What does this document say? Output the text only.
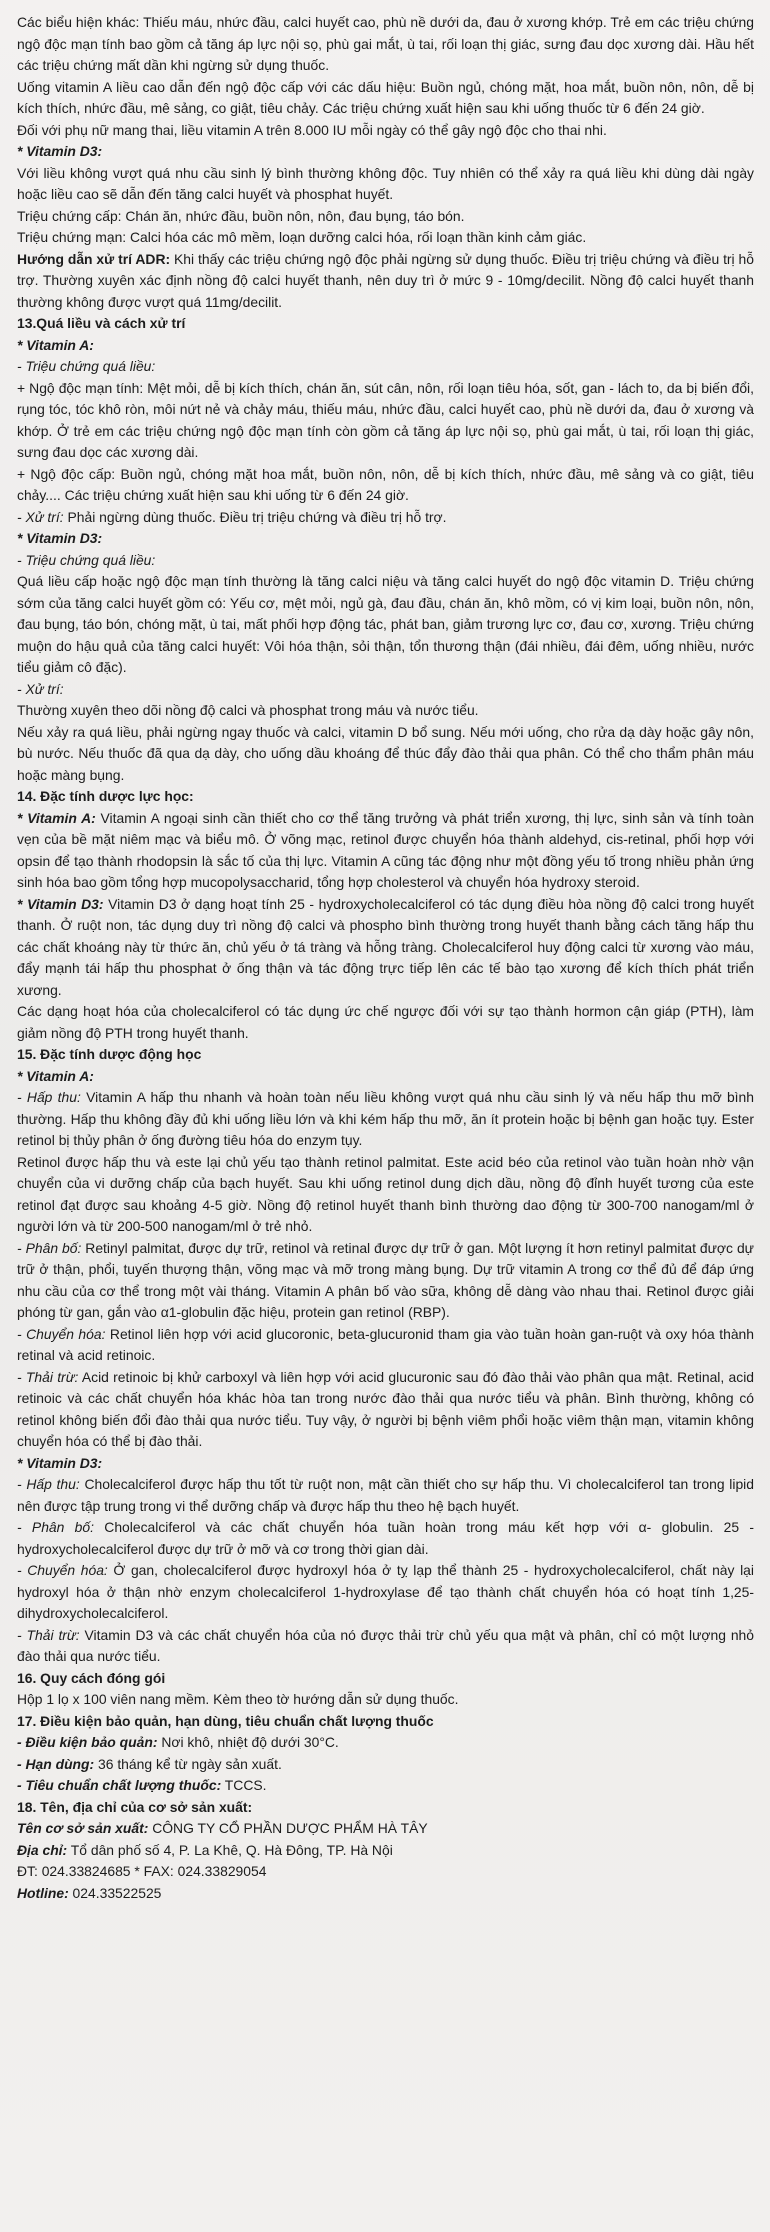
Các biểu hiện khác: Thiếu máu, nhức đầu, calci huyết cao, phù nề dưới da, đau ở xương khớp. Trẻ em các triệu chứng ngộ độc mạn tính bao gồm cả tăng áp lực nội sọ, phù gai mắt, ù tai, rối loạn thị giác, sưng đau dọc xương dài. Hầu hết các triệu chứng mất dần khi ngừng sử dụng thuốc.

Uống vitamin A liều cao dẫn đến ngộ độc cấp với các dấu hiệu: Buồn ngủ, chóng mặt, hoa mắt, buồn nôn, nôn, dễ bị kích thích, nhức đầu, mê sảng, co giật, tiêu chảy. Các triệu chứng xuất hiện sau khi uống thuốc từ 6 đến 24 giờ.

Đối với phụ nữ mang thai, liều vitamin A trên 8.000 IU mỗi ngày có thể gây ngộ độc cho thai nhi.

* Vitamin D3:

Với liều không vượt quá nhu cầu sinh lý bình thường không độc. Tuy nhiên có thể xảy ra quá liều khi dùng dài ngày hoặc liều cao sẽ dẫn đến tăng calci huyết và phosphat huyết.

Triệu chứng cấp: Chán ăn, nhức đầu, buồn nôn, nôn, đau bụng, táo bón.

Triệu chứng mạn: Calci hóa các mô mềm, loạn dưỡng calci hóa, rối loạn thần kinh cảm giác.

Hướng dẫn xử trí ADR: Khi thấy các triệu chứng ngộ độc phải ngừng sử dụng thuốc. Điều trị triệu chứng và điều trị hỗ trợ. Thường xuyên xác định nồng độ calci huyết thanh, nên duy trì ở mức 9 - 10mg/decilit. Nồng độ calci huyết thanh thường không được vượt quá 11mg/decilit.

13.Quá liều và cách xử trí

* Vitamin A:

- Triệu chứng quá liều:

+ Ngộ độc mạn tính: Mệt mỏi, dễ bị kích thích, chán ăn, sút cân, nôn, rối loạn tiêu hóa, sốt, gan - lách to, da bị biến đổi, rụng tóc, tóc khô ròn, môi nứt nẻ và chảy máu, thiếu máu, nhức đầu, calci huyết cao, phù nề dưới da, đau ở xương và khớp. Ở trẻ em các triệu chứng ngộ độc mạn tính còn gồm cả tăng áp lực nội sọ, phù gai mắt, ù tai, rối loạn thị giác, sưng đau dọc các xương dài.

+ Ngộ độc cấp: Buồn ngủ, chóng mặt hoa mắt, buồn nôn, nôn, dễ bị kích thích, nhức đầu, mê sảng và co giật, tiêu chảy.... Các triệu chứng xuất hiện sau khi uống từ 6 đến 24 giờ.

- Xử trí: Phải ngừng dùng thuốc. Điều trị triệu chứng và điều trị hỗ trợ.

* Vitamin D3:

- Triệu chứng quá liều:

Quá liều cấp hoặc ngộ độc mạn tính thường là tăng calci niệu và tăng calci huyết do ngộ độc vitamin D. Triệu chứng sớm của tăng calci huyết gồm có: Yếu cơ, mệt mỏi, ngủ gà, đau đầu, chán ăn, khô mồm, có vị kim loại, buồn nôn, nôn, đau bụng, táo bón, chóng mặt, ù tai, mất phối hợp động tác, phát ban, giảm trương lực cơ, đau cơ, xương. Triệu chứng muộn do hậu quả của tăng calci huyết: Vôi hóa thận, sỏi thận, tổn thương thận (đái nhiều, đái đêm, uống nhiều, nước tiểu giảm cô đặc).

- Xử trí:

Thường xuyên theo dõi nồng độ calci và phosphat trong máu và nước tiểu.

Nếu xảy ra quá liều, phải ngừng ngay thuốc và calci, vitamin D bổ sung. Nếu mới uống, cho rửa dạ dày hoặc gây nôn, bù nước. Nếu thuốc đã qua dạ dày, cho uống dầu khoáng để thúc đẩy đào thải qua phân. Có thể cho thẩm phân máu hoặc màng bụng.

14. Đặc tính dược lực học:

* Vitamin A: Vitamin A ngoại sinh cần thiết cho cơ thể tăng trưởng và phát triển xương, thị lực, sinh sản và tính toàn vẹn của bề mặt niêm mạc và biểu mô. Ở võng mạc, retinol được chuyển hóa thành aldehyd, cis-retinal, phối hợp với opsin để tạo thành rhodopsin là sắc tố của thị lực. Vitamin A cũng tác động như một đồng yếu tố trong nhiều phản ứng sinh hóa bao gồm tổng hợp mucopolysaccharid, tổng hợp cholesterol và chuyển hóa hydroxy steroid.

* Vitamin D3: Vitamin D3 ở dạng hoạt tính 25 - hydroxycholecalciferol có tác dụng điều hòa nồng độ calci trong huyết thanh. Ở ruột non, tác dụng duy trì nồng độ calci và phospho bình thường trong huyết thanh bằng cách tăng hấp thu các chất khoáng này từ thức ăn, chủ yếu ở tá tràng và hỗng tràng. Cholecalciferol huy động calci từ xương vào máu, đẩy mạnh tái hấp thu phosphat ở ống thận và tác động trực tiếp lên các tế bào tạo xương để kích thích phát triển xương.

Các dạng hoạt hóa của cholecalciferol có tác dụng ức chế ngược đối với sự tạo thành hormon cận giáp (PTH), làm giảm nồng độ PTH trong huyết thanh.

15. Đặc tính dược động học

* Vitamin A:

- Hấp thu: Vitamin A hấp thu nhanh và hoàn toàn nếu liều không vượt quá nhu cầu sinh lý và nếu hấp thu mỡ bình thường. Hấp thu không đầy đủ khi uống liều lớn và khi kém hấp thu mỡ, ăn ít protein hoặc bị bệnh gan hoặc tụy. Ester retinol bị thủy phân ở ống đường tiêu hóa do enzym tụy.

Retinol được hấp thu và este lại chủ yếu tạo thành retinol palmitat. Este acid béo của retinol vào tuần hoàn nhờ vận chuyển của vi dưỡng chấp của bạch huyết. Sau khi uống retinol dung dịch dầu, nồng độ đỉnh huyết tương của este retinol đạt được sau khoảng 4-5 giờ. Nồng độ retinol huyết thanh bình thường dao động từ 300-700 nanogam/ml ở người lớn và từ 200-500 nanogam/ml ở trẻ nhỏ.

- Phân bố: Retinyl palmitat, được dự trữ, retinol và retinal được dự trữ ở gan. Một lượng ít hơn retinyl palmitat được dự trữ ở thận, phổi, tuyến thượng thận, võng mạc và mỡ trong màng bụng. Dự trữ vitamin A trong cơ thể đủ để đáp ứng nhu cầu của cơ thể trong một vài tháng. Vitamin A phân bố vào sữa, không dễ dàng vào nhau thai. Retinol được giải phóng từ gan, gắn vào α1-globulin đặc hiệu, protein gan retinol (RBP).

- Chuyển hóa: Retinol liên hợp với acid glucoronic, beta-glucuronid tham gia vào tuần hoàn gan-ruột và oxy hóa thành retinal và acid retinoic.

- Thải trừ: Acid retinoic bị khử carboxyl và liên hợp với acid glucuronic sau đó đào thải vào phân qua mật. Retinal, acid retinoic và các chất chuyển hóa khác hòa tan trong nước đào thải qua nước tiểu và phân. Bình thường, không có retinol không biến đổi đào thải qua nước tiểu. Tuy vậy, ở người bị bệnh viêm phổi hoặc viêm thận mạn, vitamin không chuyển hóa có thể bị đào thải.

* Vitamin D3:

- Hấp thu: Cholecalciferol được hấp thu tốt từ ruột non, mật cần thiết cho sự hấp thu. Vì cholecalciferol tan trong lipid nên được tập trung trong vi thể dưỡng chấp và được hấp thu theo hệ bạch huyết.

- Phân bố: Cholecalciferol và các chất chuyển hóa tuần hoàn trong máu kết hợp với α- globulin. 25 - hydroxycholecalciferol được dự trữ ở mỡ và cơ trong thời gian dài.

- Chuyển hóa: Ở gan, cholecalciferol được hydroxyl hóa ở tỵ lạp thể thành 25 - hydroxycholecalciferol, chất này lại hydroxyl hóa ở thận nhờ enzym cholecalciferol 1-hydroxylase để tạo thành chất chuyển hóa có hoạt tính 1,25-dihydroxycholecalciferol.

- Thải trừ: Vitamin D3 và các chất chuyển hóa của nó được thải trừ chủ yếu qua mật và phân, chỉ có một lượng nhỏ đào thải qua nước tiểu.

16. Quy cách đóng gói

Hộp 1 lọ x 100 viên nang mềm. Kèm theo tờ hướng dẫn sử dụng thuốc.

17. Điều kiện bảo quản, hạn dùng, tiêu chuẩn chất lượng thuốc

- Điều kiện bảo quản: Nơi khô, nhiệt độ dưới 30°C.

- Hạn dùng: 36 tháng kể từ ngày sản xuất.

- Tiêu chuẩn chất lượng thuốc: TCCS.

18. Tên, địa chỉ của cơ sở sản xuất:

Tên cơ sở sản xuất: CÔNG TY CỔ PHẦN DƯỢC PHẨM HÀ TÂY

Địa chỉ: Tổ dân phố số 4, P. La Khê, Q. Hà Đông, TP. Hà Nội

ĐT: 024.33824685 * FAX: 024.33829054

Hotline: 024.33522525
